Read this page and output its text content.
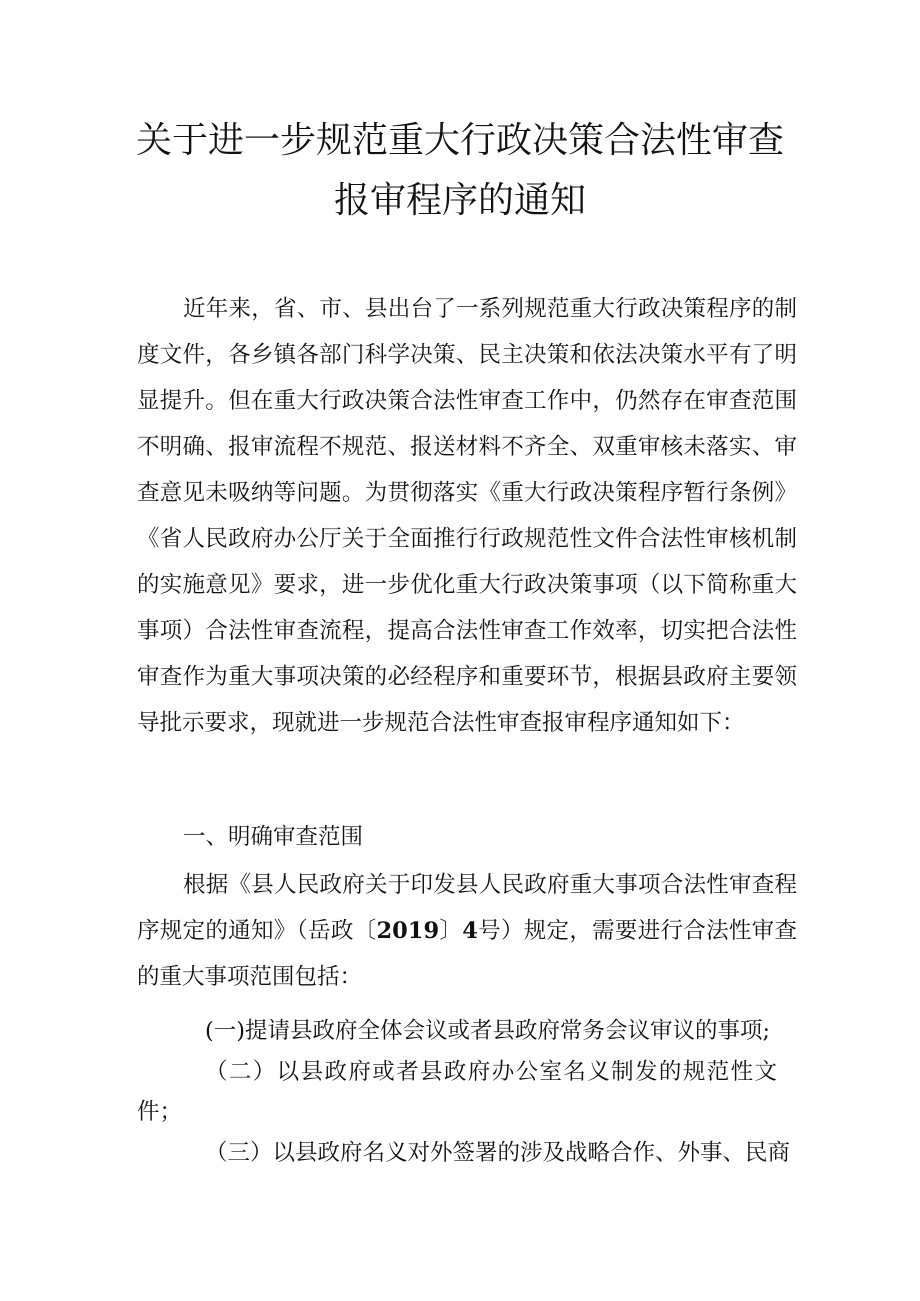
关于进一步规范重大行政决策合法性审查
报审程序的通知

近年来，省、市、县出台了一系列规范重大行政决策程序的制度文件，各乡镇各部门科学决策、民主决策和依法决策水平有了明显提升。但在重大行政决策合法性审查工作中，仍然存在审查范围不明确、报审流程不规范、报送材料不齐全、双重审核未落实、审查意见未吸纳等问题。为贯彻落实《重大行政决策程序暂行条例》《省人民政府办公厅关于全面推行行政规范性文件合法性审核机制的实施意见》要求，进一步优化重大行政决策事项（以下简称重大事项）合法性审查流程，提高合法性审查工作效率，切实把合法性审查作为重大事项决策的必经程序和重要环节，根据县政府主要领导批示要求，现就进一步规范合法性审查报审程序通知如下：

一、明确审查范围

根据《县人民政府关于印发县人民政府重大事项合法性审查程序规定的通知》（岳政〔2019〕4号）规定，需要进行合法性审查的重大事项范围包括：

(一)提请县政府全体会议或者县政府常务会议审议的事项;

（二）以县政府或者县政府办公室名义制发的规范性文件；

（三）以县政府名义对外签署的涉及战略合作、外事、民商
